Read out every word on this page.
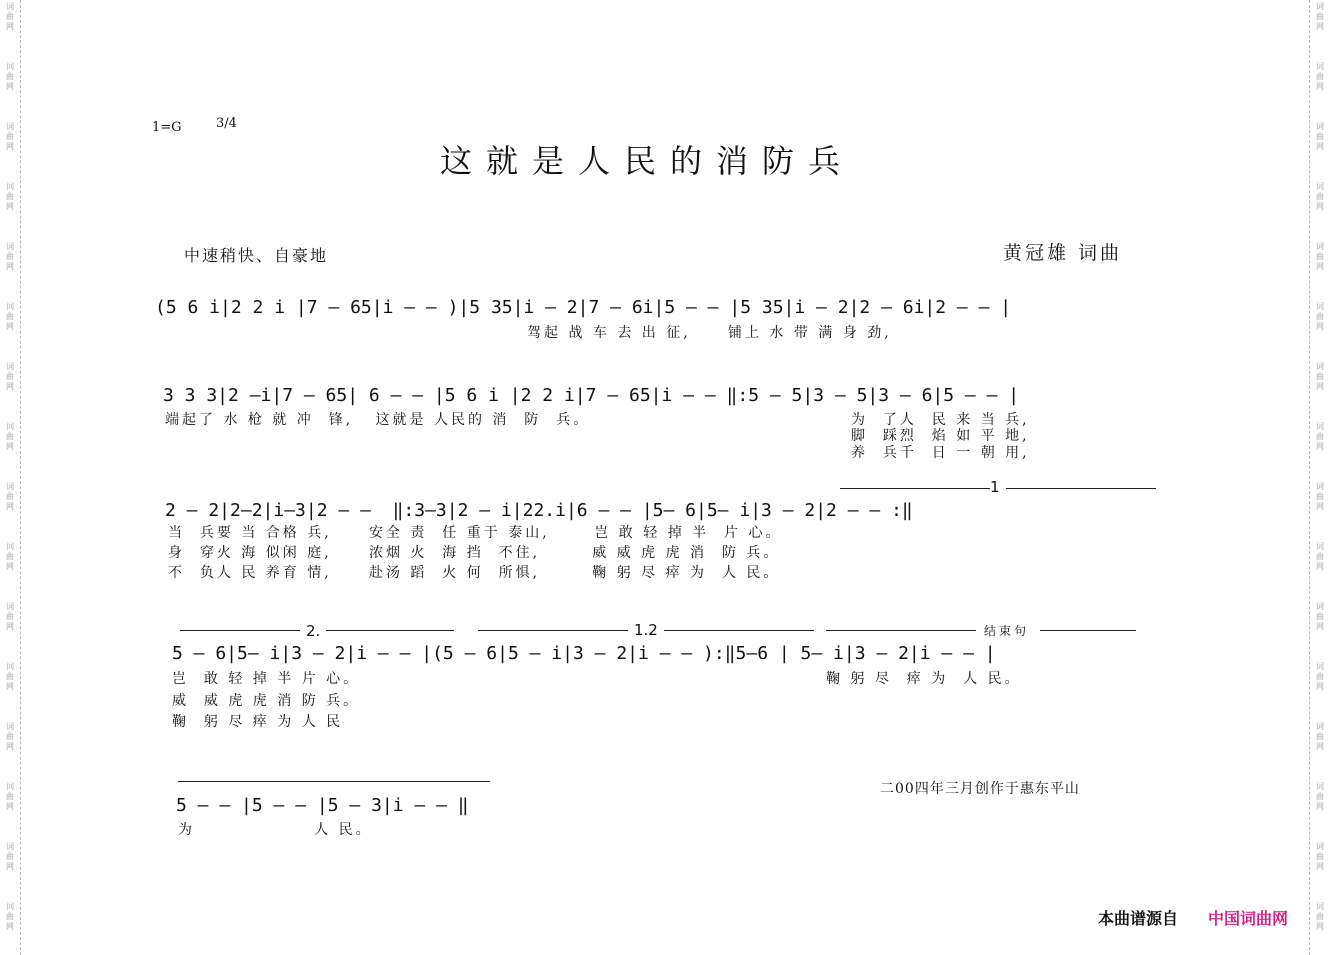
1=G	3/4
这就是人民的消防兵
中速稍快、自豪地	黄冠雄 词曲
(5 6 i|2 2 i |7 — 65|i — — )|5 35|i — 2|7 — 6i|5 — — |5 35|i — 2|2 — 6i|2 — — |
驾起 战 车 去 出 征,     铺上 水 带 满 身 劲,
3 3 3|2 —i|7 — 65| 6 — — |5 6 i |2 2 i|7 — 65|i — — ‖:5 — 5|3 — 5|3 — 6|5 — — |
端起了 水 枪 就 冲  锋,   这就是 人民的 消  防  兵。	为  了人  民 来 当 兵,
脚  踩烈  焰 如 平 地,
养  兵千  日 一 朝 用,
1
2 — 2|2—2|i—3|2 — —  ‖:3—3|2 — i|22.i|6 — — |5— 6|5— i|3 — 2|2 — — :‖
当  兵要 当 合格 兵,     安全 责  任 重于 泰山,      岂 敢 轻 掉 半  片 心。
身  穿火 海 似闲 庭,     浓烟 火  海 挡  不住,       威 威 虎 虎 消  防 兵。
不  负人 民 养育 情,     赴汤 蹈  火 何  所惧,       鞠 躬 尽 瘁 为  人 民。
2.	1.2	结束句
5 — 6|5— i|3 — 2|i — — |(5 — 6|5 — i|3 — 2|i — — ):‖5—6 | 5— i|3 — 2|i — — |
岂  敢 轻 掉 半 片 心。
威  威 虎 虎 消 防 兵。
鞠  躬 尽 瘁 为 人 民
鞠 躬 尽  瘁 为  人 民。
5 — — |5 — — |5 — 3|i — — ‖
为                人 民。
二00四年三月创作于惠东平山
本曲谱源自 中国词曲网
词
曲
网
词
曲
网
词
曲
网
词
曲
网
词
曲
网
词
曲
网
词
曲
网
词
曲
网
词
曲
网
词
曲
网
词
曲
网
词
曲
网
词
曲
网
词
曲
网
词
曲
网
词
曲
网
词
曲
网
词
曲
网
词
曲
网
词
曲
网
词
曲
网
词
曲
网
词
曲
网
词
曲
网
词
曲
网
词
曲
网
词
曲
网
词
曲
网
词
曲
网
词
曲
网
词
曲
网
词
曲
网
